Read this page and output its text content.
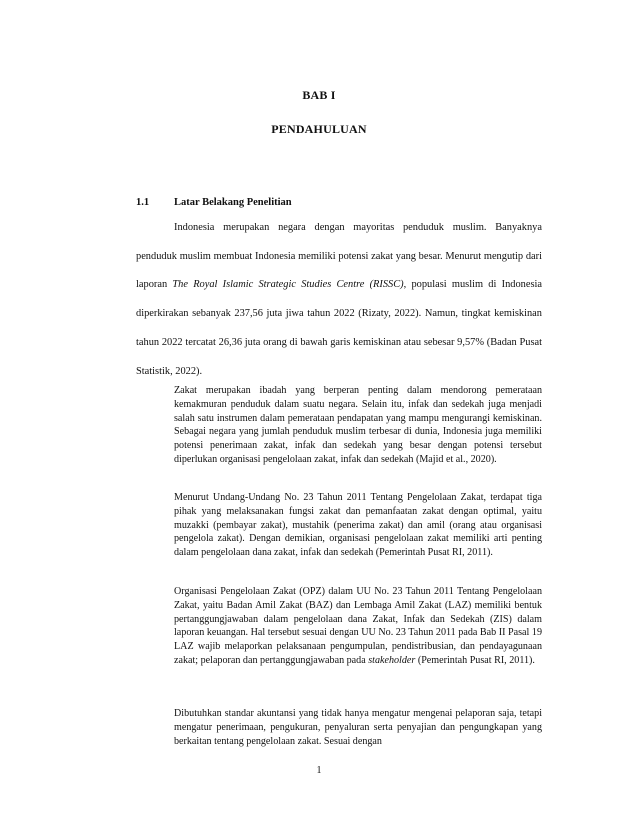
BAB I
PENDAHULUAN
1.1 Latar Belakang Penelitian

Indonesia merupakan negara dengan mayoritas penduduk muslim. Banyaknya penduduk muslim membuat Indonesia memiliki potensi zakat yang besar. Menurut mengutip dari laporan The Royal Islamic Strategic Studies Centre (RISSC), populasi muslim di Indonesia diperkirakan sebanyak 237,56 juta jiwa tahun 2022 (Rizaty, 2022). Namun, tingkat kemiskinan tahun 2022 tercatat 26,36 juta orang di bawah garis kemiskinan atau sebesar 9,57% (Badan Pusat Statistik, 2022).

Zakat merupakan ibadah yang berperan penting dalam mendorong pemerataan kemakmuran penduduk dalam suatu negara. Selain itu, infak dan sedekah juga menjadi salah satu instrumen dalam pemerataan pendapatan yang mampu mengurangi kemiskinan. Sebagai negara yang jumlah penduduk muslim terbesar di dunia, Indonesia juga memiliki potensi penerimaan zakat, infak dan sedekah yang besar dengan potensi tersebut diperlukan organisasi pengelolaan zakat, infak dan sedekah (Majid et al., 2020).

Menurut Undang-Undang No. 23 Tahun 2011 Tentang Pengelolaan Zakat, terdapat tiga pihak yang melaksanakan fungsi zakat dan pemanfaatan zakat dengan optimal, yaitu muzakki (pembayar zakat), mustahik (penerima zakat) dan amil (orang atau organisasi pengelola zakat). Dengan demikian, organisasi pengelolaan zakat memiliki arti penting dalam pengelolaan dana zakat, infak dan sedekah (Pemerintah Pusat RI, 2011).

Organisasi Pengelolaan Zakat (OPZ) dalam UU No. 23 Tahun 2011 Tentang Pengelolaan Zakat, yaitu Badan Amil Zakat (BAZ) dan Lembaga Amil Zakat (LAZ) memiliki bentuk pertanggungjawaban dalam pengelolaan dana Zakat, Infak dan Sedekah (ZIS) dalam laporan keuangan. Hal tersebut sesuai dengan UU No. 23 Tahun 2011 pada Bab II Pasal 19 LAZ wajib melaporkan pelaksanaan pengumpulan, pendistribusian, dan pendayagunaan zakat; pelaporan dan pertanggungjawaban pada stakeholder (Pemerintah Pusat RI, 2011).

Dibutuhkan standar akuntansi yang tidak hanya mengatur mengenai pelaporan saja, tetapi mengatur penerimaan, pengukuran, penyaluran serta penyajian dan pengungkapan yang berkaitan tentang pengelolaan zakat. Sesuai dengan

1
